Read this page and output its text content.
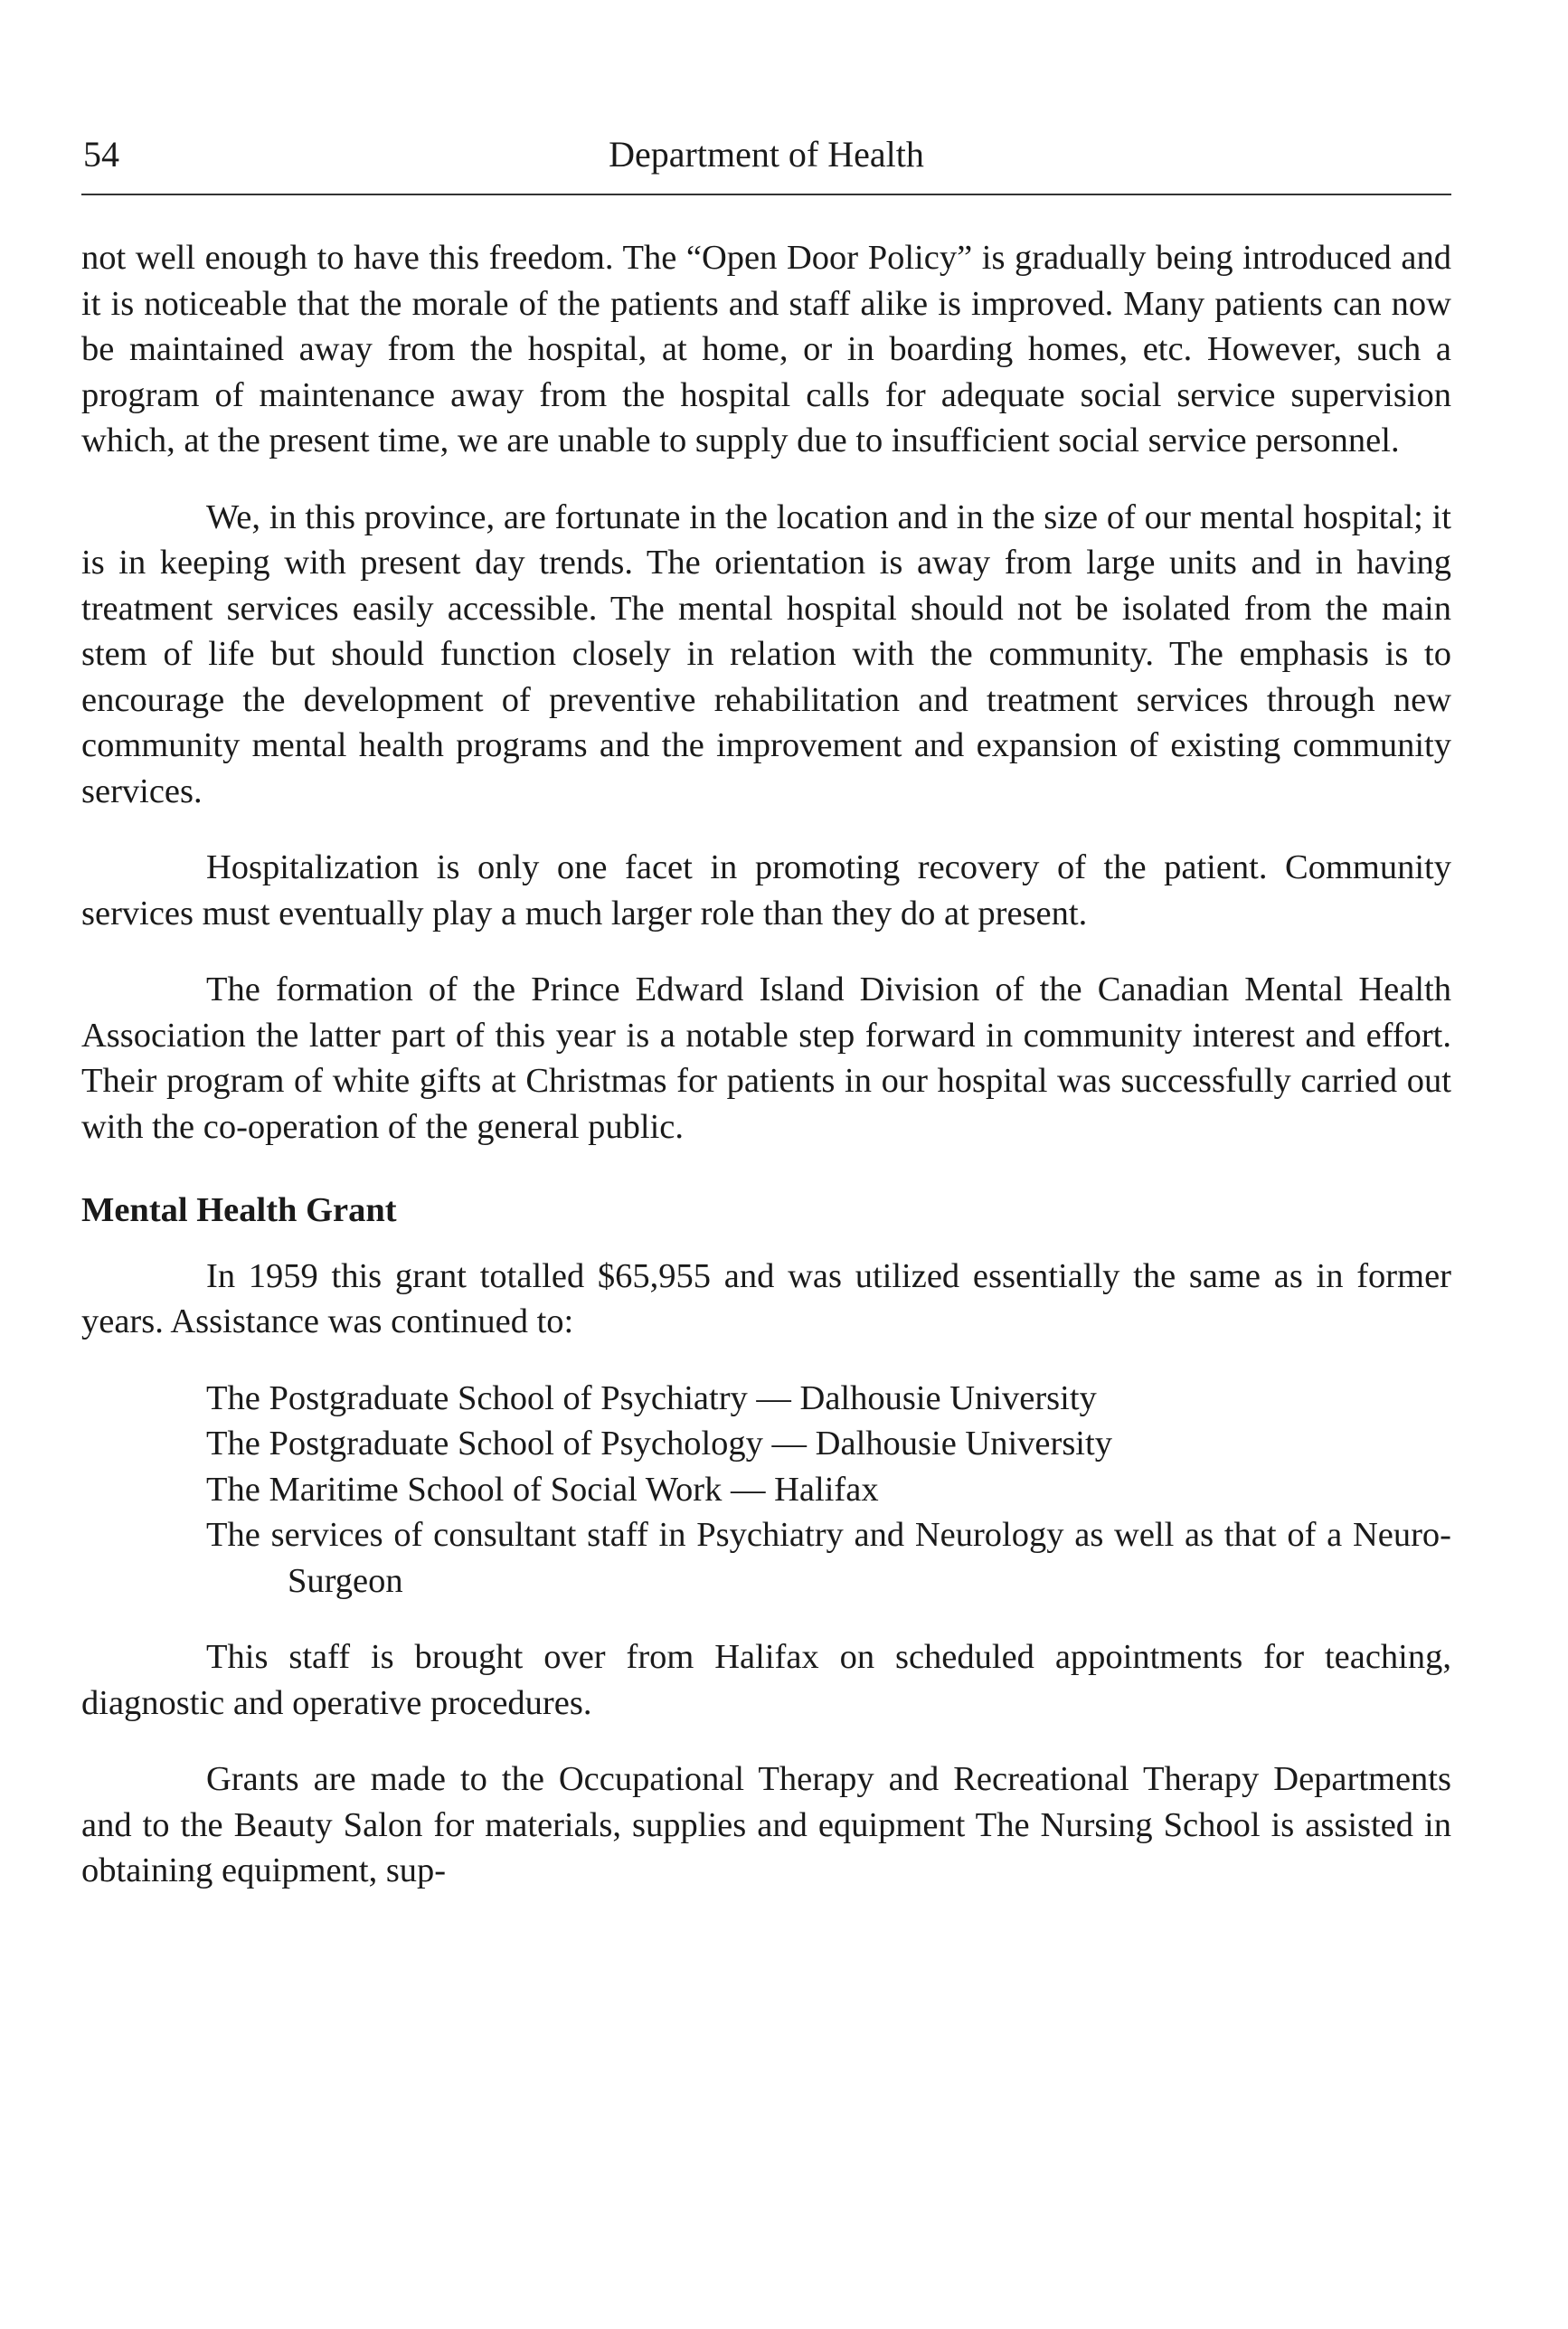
54	Department of Health

not well enough to have this freedom. The “Open Door Policy” is gradually being introduced and it is noticeable that the morale of the patients and staff alike is improved. Many patients can now be maintained away from the hospital, at home, or in boarding homes, etc. However, such a program of maintenance away from the hospital calls for adequate social service supervision which, at the present time, we are unable to supply due to insufficient social service personnel.

We, in this province, are fortunate in the location and in the size of our mental hospital; it is in keeping with present day trends. The orientation is away from large units and in having treatment services easily accessible. The mental hospital should not be isolated from the main stem of life but should function closely in relation with the community. The emphasis is to encourage the development of preventive rehabilitation and treatment services through new community mental health programs and the improvement and expansion of existing community services.

Hospitalization is only one facet in promoting recovery of the patient. Community services must eventually play a much larger role than they do at present.

The formation of the Prince Edward Island Division of the Canadian Mental Health Association the latter part of this year is a notable step forward in community interest and effort. Their program of white gifts at Christmas for patients in our hospital was successfully carried out with the co-operation of the general public.

Mental Health Grant

In 1959 this grant totalled $65,955 and was utilized essentially the same as in former years. Assistance was continued to:

The Postgraduate School of Psychiatry — Dalhousie University
The Postgraduate School of Psychology — Dalhousie University
The Maritime School of Social Work — Halifax
The services of consultant staff in Psychiatry and Neurology as well as that of a Neuro-Surgeon

This staff is brought over from Halifax on scheduled appointments for teaching, diagnostic and operative procedures.

Grants are made to the Occupational Therapy and Recreational Therapy Departments and to the Beauty Salon for materials, supplies and equipment The Nursing School is assisted in obtaining equipment, sup-
